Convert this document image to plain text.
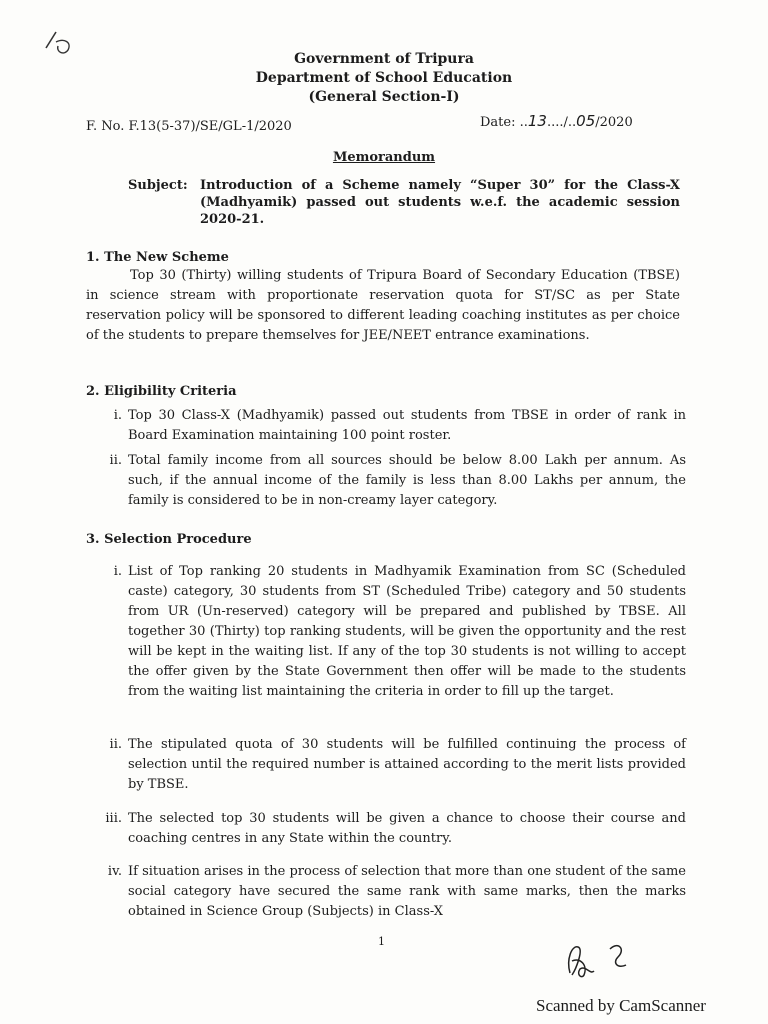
Government of Tripura
Department of School Education
(General Section-I)
F. No. F.13(5-37)/SE/GL-1/2020	Date: ..13..../..05/2020
Memorandum
Subject: Introduction of a Scheme namely “Super 30” for the Class-X (Madhyamik) passed out students w.e.f. the academic session 2020-21.
1. The New Scheme
Top 30 (Thirty) willing students of Tripura Board of Secondary Education (TBSE) in science stream with proportionate reservation quota for ST/SC as per State reservation policy will be sponsored to different leading coaching institutes as per choice of the students to prepare themselves for JEE/NEET entrance examinations.
2. Eligibility Criteria
i. Top 30 Class-X (Madhyamik) passed out students from TBSE in order of rank in Board Examination maintaining 100 point roster.
ii. Total family income from all sources should be below 8.00 Lakh per annum. As such, if the annual income of the family is less than 8.00 Lakhs per annum, the family is considered to be in non-creamy layer category.
3. Selection Procedure
i. List of Top ranking 20 students in Madhyamik Examination from SC (Scheduled caste) category, 30 students from ST (Scheduled Tribe) category and 50 students from UR (Un-reserved) category will be prepared and published by TBSE. All together 30 (Thirty) top ranking students, will be given the opportunity and the rest will be kept in the waiting list. If any of the top 30 students is not willing to accept the offer given by the State Government then offer will be made to the students from the waiting list maintaining the criteria in order to fill up the target.
ii. The stipulated quota of 30 students will be fulfilled continuing the process of selection until the required number is attained according to the merit lists provided by TBSE.
iii. The selected top 30 students will be given a chance to choose their course and coaching centres in any State within the country.
iv. If situation arises in the process of selection that more than one student of the same social category have secured the same rank with same marks, then the marks obtained in Science Group (Subjects) in Class-X
1
Scanned by CamScanner
